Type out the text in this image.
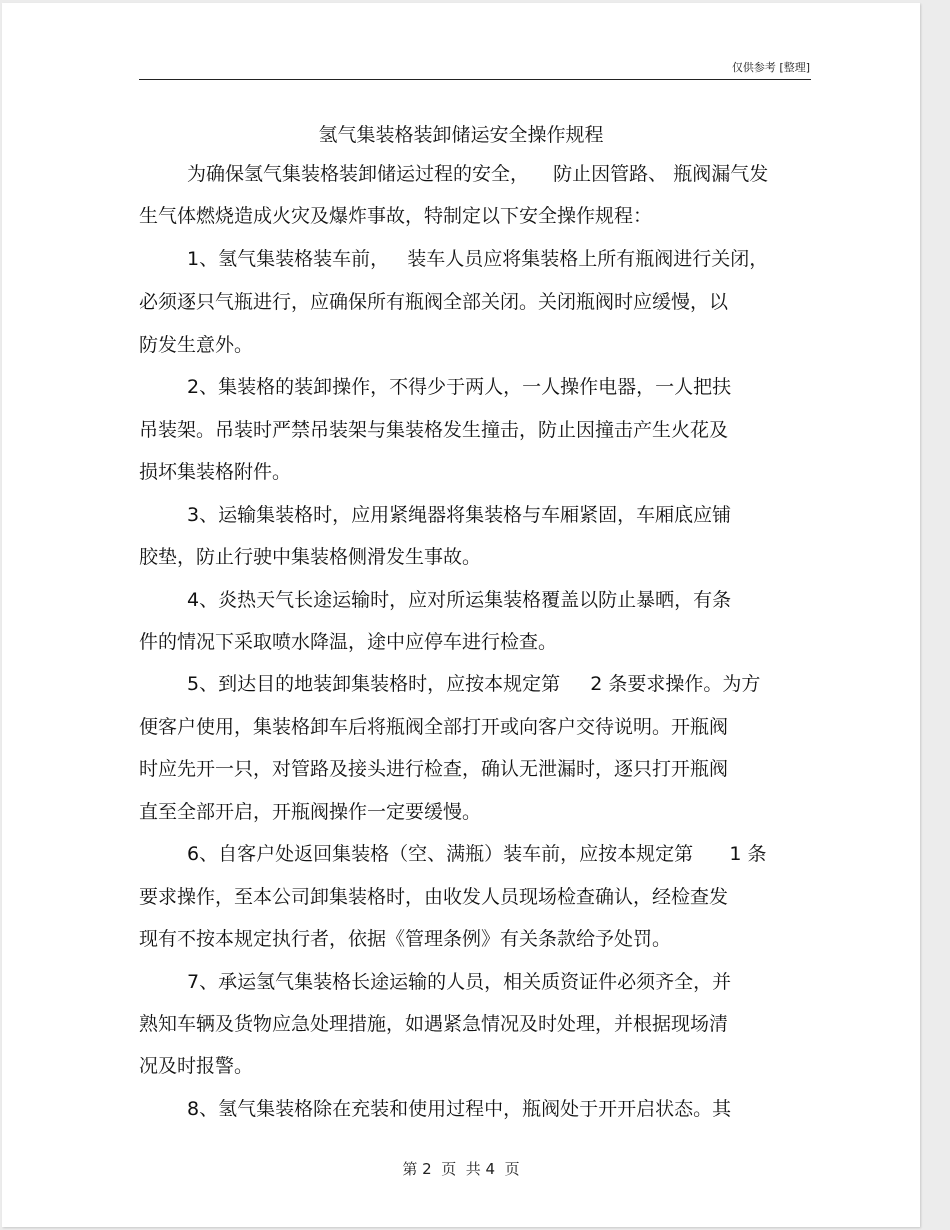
仅供参考 [整理]
氢气集装格装卸储运安全操作规程
为确保氢气集装格装卸储运过程的安全，    防止因管路、 瓶阀漏气发
生气体燃烧造成火灾及爆炸事故，特制定以下安全操作规程：
1、氢气集装格装车前，   装车人员应将集装格上所有瓶阀进行关闭，
必须逐只气瓶进行，应确保所有瓶阀全部关闭。关闭瓶阀时应缓慢，以
防发生意外。
2、集装格的装卸操作，不得少于两人，一人操作电器，一人把扶
吊装架。吊装时严禁吊装架与集装格发生撞击，防止因撞击产生火花及
损坏集装格附件。
3、运输集装格时，应用紧绳器将集装格与车厢紧固，车厢底应铺
胶垫，防止行驶中集装格侧滑发生事故。
4、炎热天气长途运输时，应对所运集装格覆盖以防止暴晒，有条
件的情况下采取喷水降温，途中应停车进行检查。
5、到达目的地装卸集装格时，应按本规定第     2 条要求操作。为方
便客户使用，集装格卸车后将瓶阀全部打开或向客户交待说明。开瓶阀
时应先开一只，对管路及接头进行检查，确认无泄漏时，逐只打开瓶阀
直至全部开启，开瓶阀操作一定要缓慢。
6、自客户处返回集装格（空、满瓶）装车前，应按本规定第      1 条
要求操作，至本公司卸集装格时，由收发人员现场检查确认，经检查发
现有不按本规定执行者，依据《管理条例》有关条款给予处罚。
7、承运氢气集装格长途运输的人员，相关质资证件必须齐全，并
熟知车辆及货物应急处理措施，如遇紧急情况及时处理，并根据现场清
况及时报警。
8、氢气集装格除在充装和使用过程中，瓶阀处于开开启状态。其
第 2  页  共 4  页
